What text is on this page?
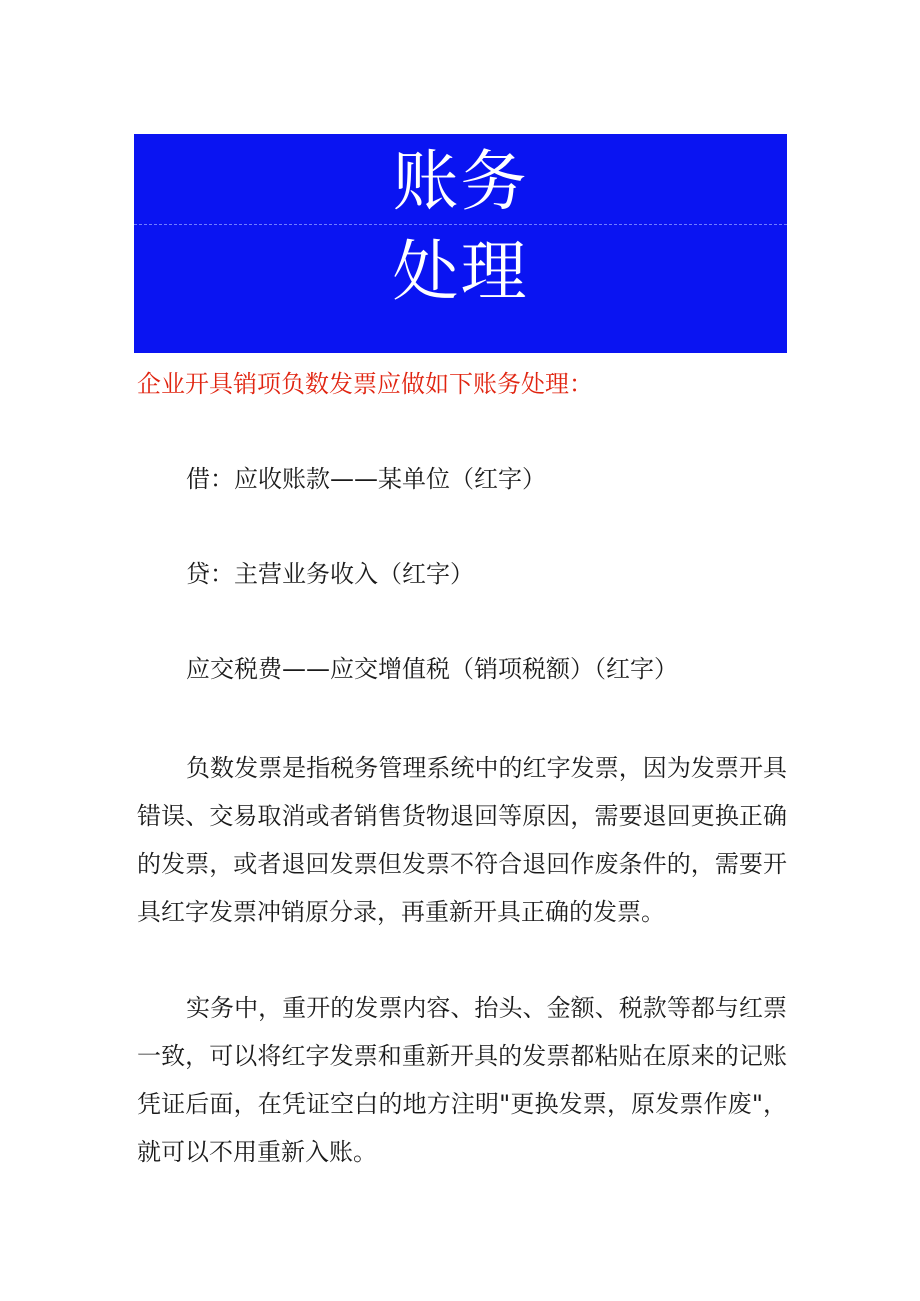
账务
处理
企业开具销项负数发票应做如下账务处理：
借：应收账款——某单位（红字）
贷：主营业务收入（红字）
应交税费——应交增值税（销项税额）（红字）

负数发票是指税务管理系统中的红字发票，因为发票开具错误、交易取消或者销售货物退回等原因，需要退回更换正确的发票，或者退回发票但发票不符合退回作废条件的，需要开具红字发票冲销原分录，再重新开具正确的发票。

实务中，重开的发票内容、抬头、金额、税款等都与红票一致，可以将红字发票和重新开具的发票都粘贴在原来的记账凭证后面，在凭证空白的地方注明"更换发票，原发票作废"，就可以不用重新入账。
